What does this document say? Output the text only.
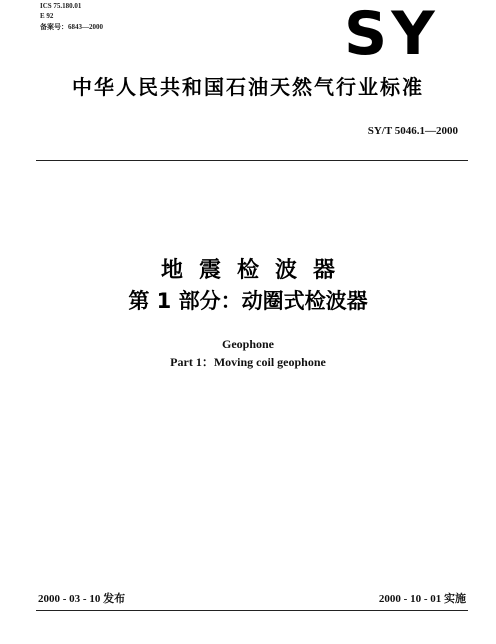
ICS 75.180.01
E 92
备案号：6843—2000	SY
中华人民共和国石油天然气行业标准
SY/T 5046.1—2000
地震检波器
第 1 部分：动圈式检波器
Geophone
Part 1：Moving coil geophone
2000 - 03 - 10 发布	2000 - 10 - 01 实施
